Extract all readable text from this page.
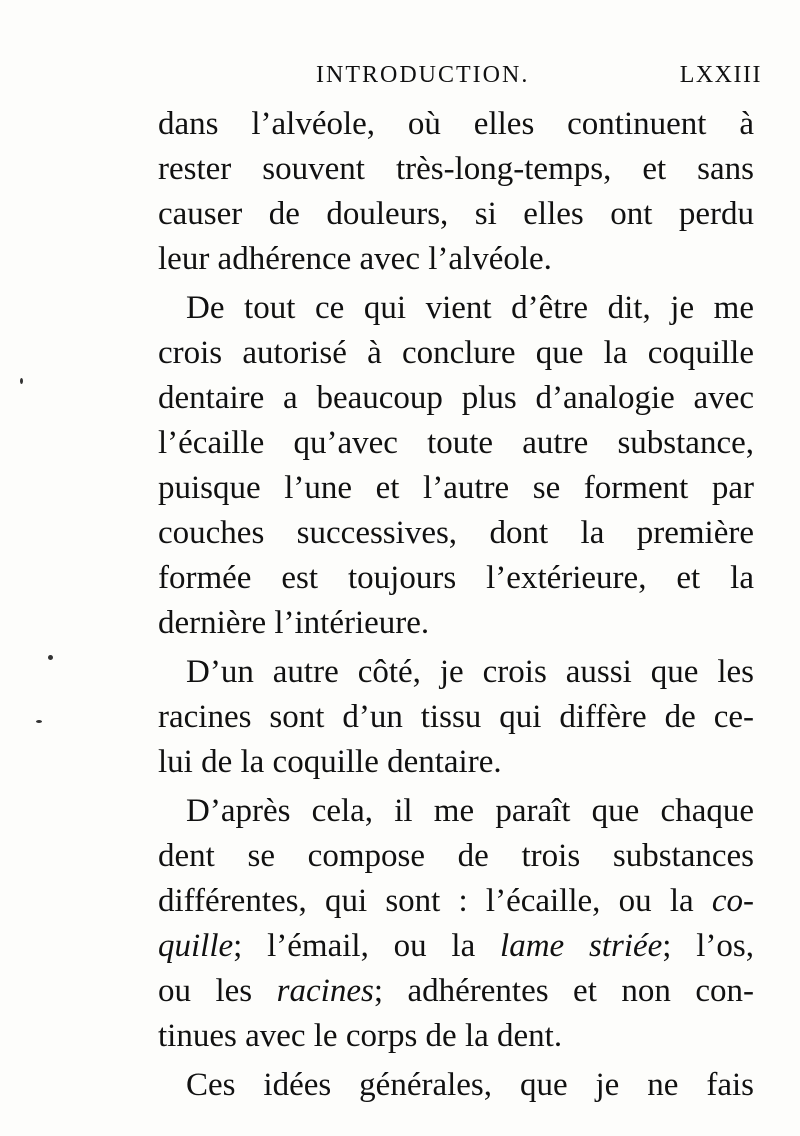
INTRODUCTION.	LXXIII
dans l’alvéole, où elles continuent à
rester souvent très-long-temps, et sans
causer de douleurs, si elles ont perdu
leur adhérence avec l’alvéole.
De tout ce qui vient d’être dit, je me
crois autorisé à conclure que la coquille
dentaire a beaucoup plus d’analogie avec
l’écaille qu’avec toute autre substance,
puisque l’une et l’autre se forment par
couches successives, dont la première
formée est toujours l’extérieure, et la
dernière l’intérieure.
D’un autre côté, je crois aussi que les
racines sont d’un tissu qui diffère de ce-
lui de la coquille dentaire.
D’après cela, il me paraît que chaque
dent se compose de trois substances
différentes, qui sont : l’écaille, ou la co-
quille; l’émail, ou la lame striée; l’os,
ou les racines; adhérentes et non con-
tinues avec le corps de la dent.
Ces idées générales, que je ne fais
